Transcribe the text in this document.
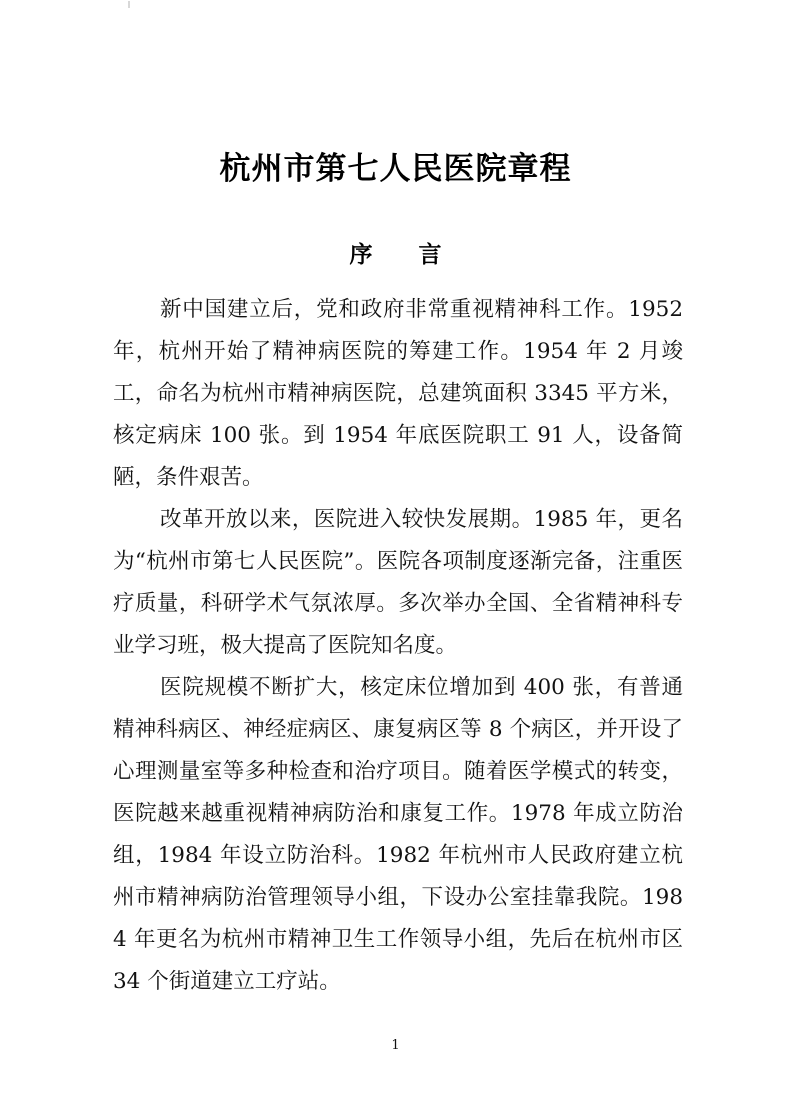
杭州市第七人民医院章程
序　　言

新中国建立后，党和政府非常重视精神科工作。1952 年，杭州开始了精神病医院的筹建工作。1954 年 2 月竣工，命名为杭州市精神病医院，总建筑面积 3345 平方米，核定病床 100 张。到 1954 年底医院职工 91 人，设备简陋，条件艰苦。

改革开放以来，医院进入较快发展期。1985 年，更名为“杭州市第七人民医院”。医院各项制度逐渐完备，注重医疗质量，科研学术气氛浓厚。多次举办全国、全省精神科专业学习班，极大提高了医院知名度。

医院规模不断扩大，核定床位增加到 400 张，有普通精神科病区、神经症病区、康复病区等 8 个病区，并开设了心理测量室等多种检查和治疗项目。随着医学模式的转变，医院越来越重视精神病防治和康复工作。1978 年成立防治组，1984 年设立防治科。1982 年杭州市人民政府建立杭州市精神病防治管理领导小组，下设办公室挂靠我院。1984 年更名为杭州市精神卫生工作领导小组，先后在杭州市区 34 个街道建立工疗站。

1
